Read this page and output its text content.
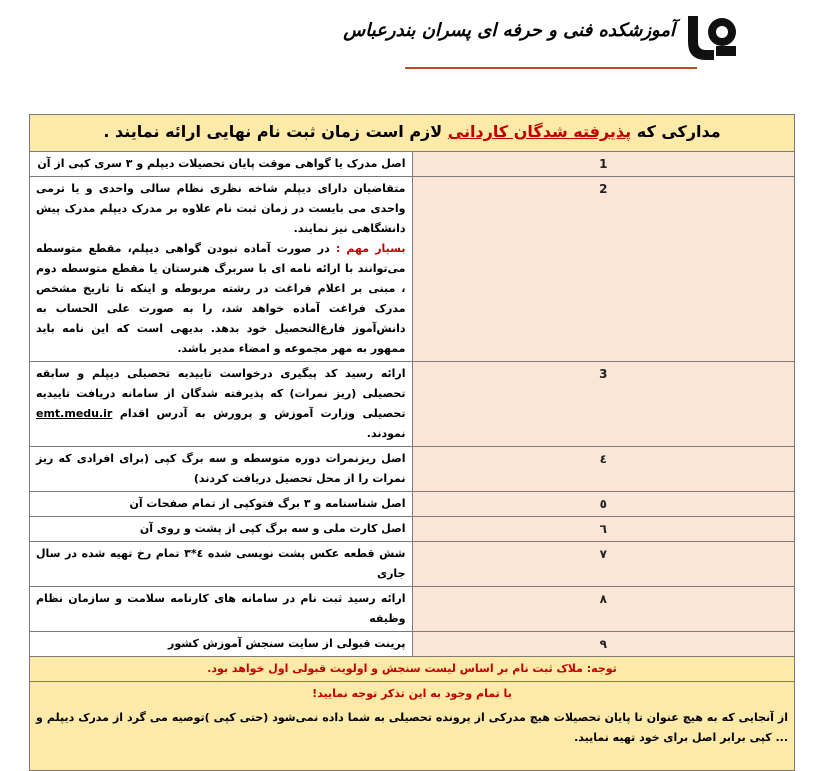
آموزشکده فنی و حرفه ای پسران بندرعباس
مدارکی که پذیرفته شدگان کاردانی لازم است زمان ثبت نام نهایی ارائه نمایند .	
1	اصل مدرک یا گواهی موقت پایان تحصیلات دیپلم و ۳ سری کپی از آن
2	متقاضیان دارای دیپلم شاخه نظری نظام سالی واحدی و یا ترمی واحدی می بایست در زمان ثبت نام علاوه بر مدرک دیپلم مدرک پیش دانشگاهی نیز نمایند.
بسیار مهم : در صورت آماده نبودن گواهی دیپلم، مقطع متوسطه می‌توانند با ارائه نامه ای با سربرگ هنرستان یا مقطع متوسطه دوم ، مبنی بر اعلام فراغت در رشته مربوطه و اینکه تا تاریخ مشخص مدرک فراغت آماده خواهد شد، را به صورت علی الحساب به دانش‌آموز فارغ‌التحصیل خود بدهد. بدیهی است که این نامه باید ممهور به مهر مجموعه و امضاء مدیر باشد.

3	ارائه رسید کد پیگیری درخواست تاییدیه تحصیلی دیپلم و سابقه تحصیلی (ریز نمرات) که پذیرفته شدگان از سامانه دریافت تاییدیه تحصیلی وزارت آموزش و پرورش به آدرس اقدام emt.medu.ir نمودند.
٤	اصل ریزنمرات دوره متوسطه و سه برگ کپی (برای افرادی که ریز نمرات را از محل تحصیل دریافت کردند)
٥	اصل شناسنامه و ۳ برگ فتوکپی از تمام صفحات آن
٦	اصل کارت ملی و سه برگ کپی از پشت و روی آن
٧	شش قطعه عکس پشت نویسی شده ٤*٣ تمام رخ تهیه شده در سال جاری
٨	ارائه رسید ثبت نام در سامانه های کارنامه سلامت و سازمان نظام وظیفه
٩	پرینت قبولی از سایت سنجش آموزش کشور
توجه: ملاک ثبت نام بر اساس لیست سنجش و اولویت قبولی اول خواهد بود.	

با تمام وجود به این تذکر توجه نمایید!
از آنجایی که به هیچ عنوان تا پایان تحصیلات هیچ مدرکی از پرونده تحصیلی به شما داده نمی‌شود (حتی کپی )توصیه می گرد از مدرک دیپلم و ... کپی برابر اصل برای خود تهیه نمایید.	
